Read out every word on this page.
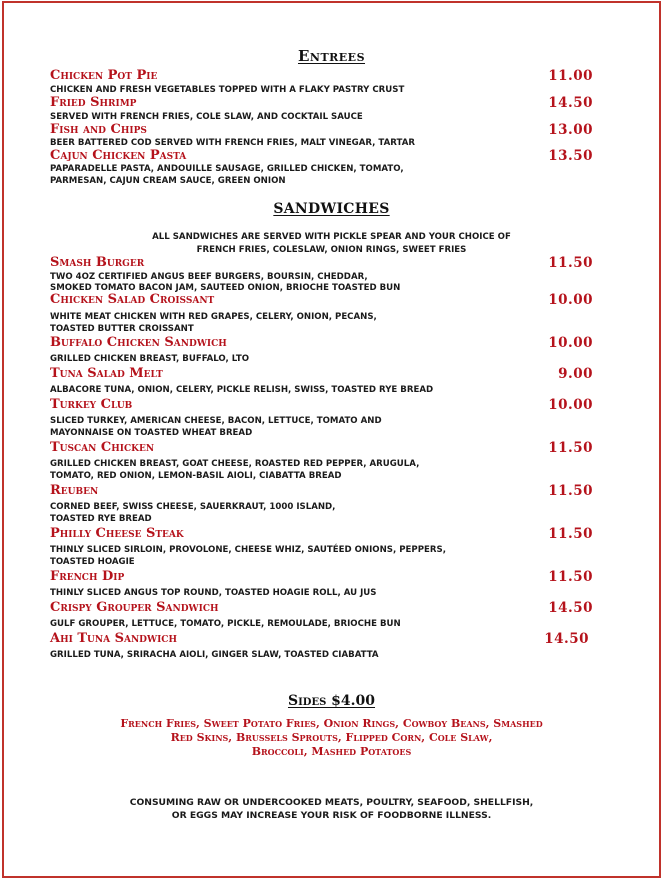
Entrees
Chicken Pot Pie	11.00
CHICKEN AND FRESH VEGETABLES TOPPED WITH A FLAKY PASTRY CRUST
Fried Shrimp	14.50
SERVED WITH FRENCH FRIES, COLE SLAW, AND COCKTAIL SAUCE
Fish and Chips	13.00
BEER BATTERED COD SERVED WITH FRENCH FRIES, MALT VINEGAR, TARTAR
Cajun Chicken Pasta	13.50
PAPARADELLE PASTA, ANDOUILLE SAUSAGE, GRILLED CHICKEN, TOMATO,
PARMESAN, CAJUN CREAM SAUCE, GREEN ONION
SANDWICHES
ALL SANDWICHES ARE SERVED WITH PICKLE SPEAR AND YOUR CHOICE OF
FRENCH FRIES, COLESLAW, ONION RINGS, SWEET FRIES
Smash Burger	11.50
TWO 4OZ CERTIFIED ANGUS BEEF BURGERS, BOURSIN, CHEDDAR,
SMOKED TOMATO BACON JAM, SAUTEED ONION, BRIOCHE TOASTED BUN
Chicken Salad Croissant	10.00
WHITE MEAT CHICKEN WITH RED GRAPES, CELERY, ONION, PECANS,
TOASTED BUTTER CROISSANT
Buffalo Chicken Sandwich	10.00
GRILLED CHICKEN BREAST, BUFFALO, LTO
Tuna Salad Melt	9.00
ALBACORE TUNA, ONION, CELERY, PICKLE RELISH, SWISS, TOASTED RYE BREAD
Turkey Club	10.00
SLICED TURKEY, AMERICAN CHEESE, BACON, LETTUCE, TOMATO AND
MAYONNAISE ON TOASTED WHEAT BREAD
Tuscan Chicken	11.50
GRILLED CHICKEN BREAST, GOAT CHEESE, ROASTED RED PEPPER, ARUGULA,
TOMATO, RED ONION, LEMON-BASIL AIOLI, CIABATTA BREAD
Reuben	11.50
CORNED BEEF, SWISS CHEESE, SAUERKRAUT, 1000 ISLAND,
TOASTED RYE BREAD
Philly Cheese Steak	11.50
THINLY SLICED SIRLOIN, PROVOLONE, CHEESE WHIZ, SAUTÉED ONIONS, PEPPERS,
TOASTED HOAGIE
French Dip	11.50
THINLY SLICED ANGUS TOP ROUND, TOASTED HOAGIE ROLL, AU JUS
Crispy Grouper Sandwich	14.50
GULF GROUPER, LETTUCE, TOMATO, PICKLE, REMOULADE, BRIOCHE BUN
Ahi Tuna Sandwich	14.50
GRILLED TUNA, SRIRACHA AIOLI, GINGER SLAW, TOASTED CIABATTA
Sides $4.00
French Fries, Sweet Potato Fries, Onion Rings, Cowboy Beans, Smashed
Red Skins, Brussels Sprouts, Flipped Corn, Cole Slaw,
Broccoli, Mashed Potatoes
CONSUMING RAW OR UNDERCOOKED MEATS, POULTRY, SEAFOOD, SHELLFISH,
OR EGGS MAY INCREASE YOUR RISK OF FOODBORNE ILLNESS.
